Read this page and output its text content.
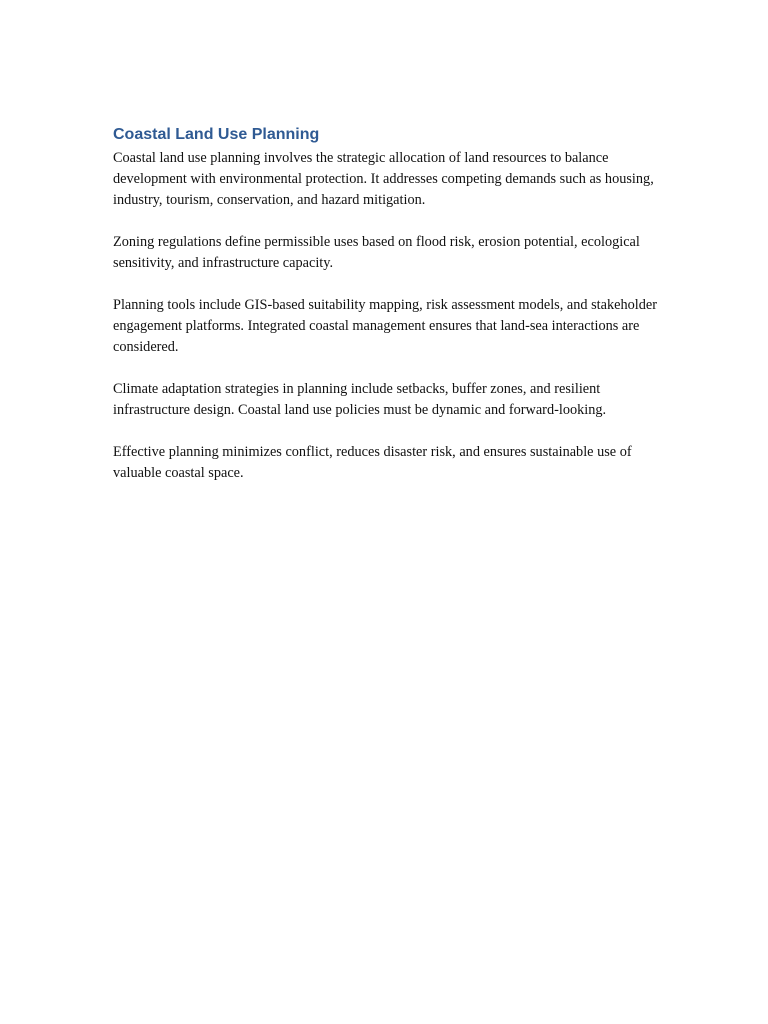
Coastal Land Use Planning

Coastal land use planning involves the strategic allocation of land resources to balance development with environmental protection. It addresses competing demands such as housing, industry, tourism, conservation, and hazard mitigation.

Zoning regulations define permissible uses based on flood risk, erosion potential, ecological sensitivity, and infrastructure capacity.

Planning tools include GIS-based suitability mapping, risk assessment models, and stakeholder engagement platforms. Integrated coastal management ensures that land-sea interactions are considered.

Climate adaptation strategies in planning include setbacks, buffer zones, and resilient infrastructure design. Coastal land use policies must be dynamic and forward-looking.

Effective planning minimizes conflict, reduces disaster risk, and ensures sustainable use of valuable coastal space.
